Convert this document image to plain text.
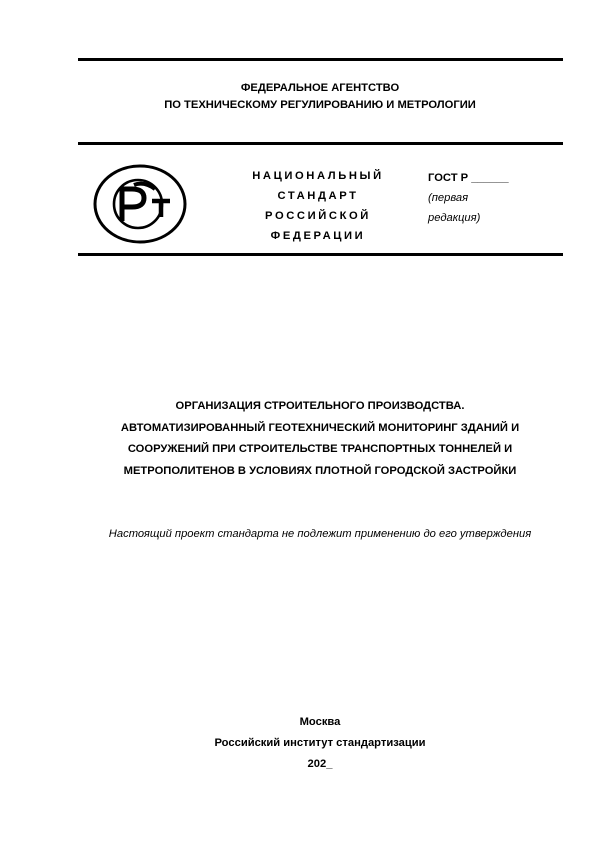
ФЕДЕРАЛЬНОЕ АГЕНТСТВО
ПО ТЕХНИЧЕСКОМУ РЕГУЛИРОВАНИЮ И МЕТРОЛОГИИ
НАЦИОНАЛЬНЫЙ
СТАНДАРТ
РОССИЙСКОЙ
ФЕДЕРАЦИИ
ГОСТ Р ______
(первая
редакция)
ОРГАНИЗАЦИЯ СТРОИТЕЛЬНОГО ПРОИЗВОДСТВА.
АВТОМАТИЗИРОВАННЫЙ ГЕОТЕХНИЧЕСКИЙ МОНИТОРИНГ ЗДАНИЙ И
СООРУЖЕНИЙ ПРИ СТРОИТЕЛЬСТВЕ ТРАНСПОРТНЫХ ТОННЕЛЕЙ И
МЕТРОПОЛИТЕНОВ В УСЛОВИЯХ ПЛОТНОЙ ГОРОДСКОЙ ЗАСТРОЙКИ
Настоящий проект стандарта не подлежит применению до его утверждения
Москва
Российский институт стандартизации
202_
